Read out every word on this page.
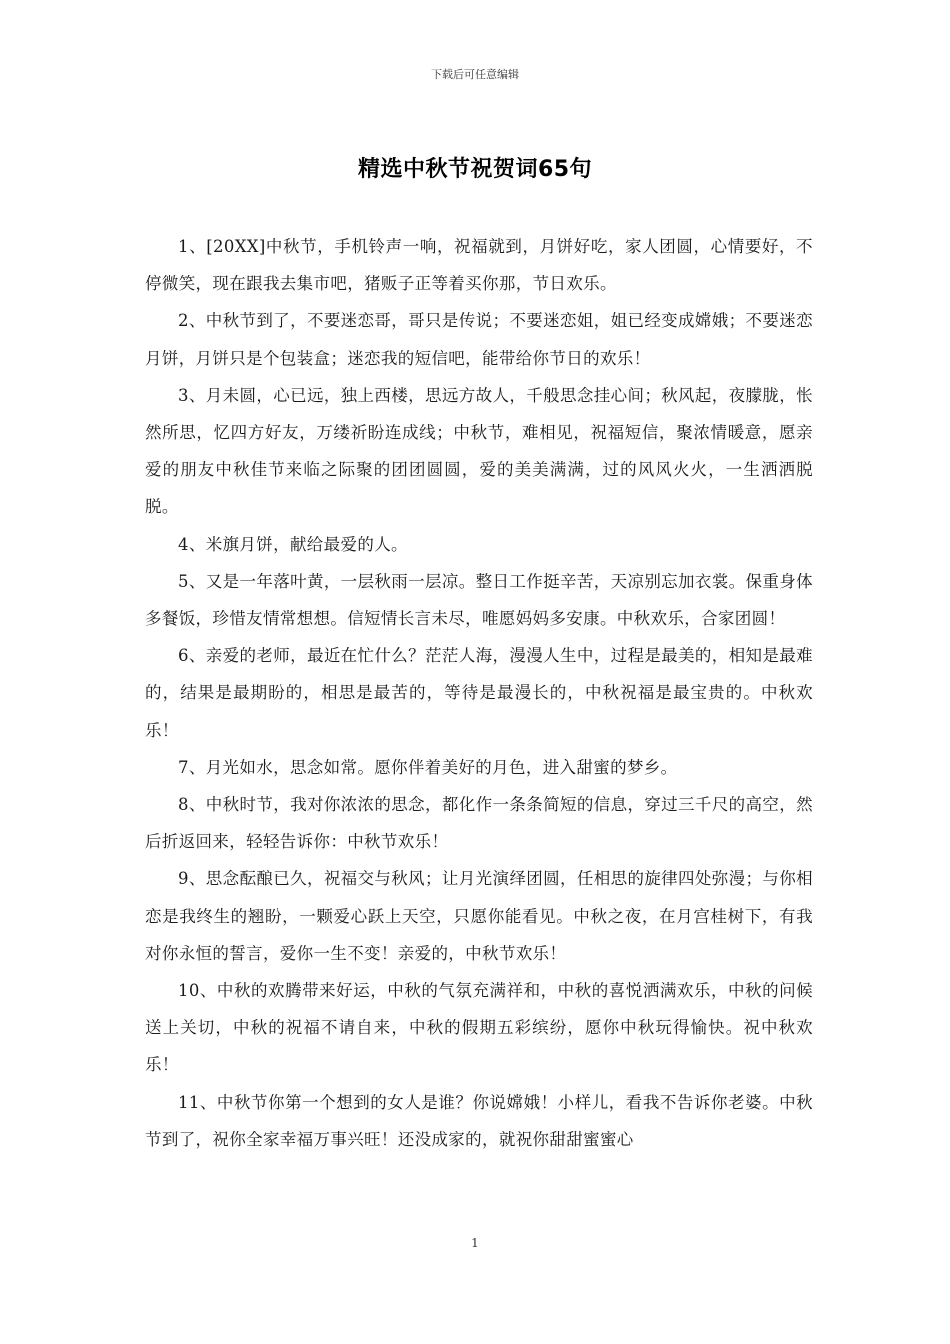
下载后可任意编辑
精选中秋节祝贺词65句

1、[20XX]中秋节，手机铃声一响，祝福就到，月饼好吃，家人团圆，心情要好，不停微笑，现在跟我去集市吧，猪贩子正等着买你那，节日欢乐。

2、中秋节到了，不要迷恋哥，哥只是传说；不要迷恋姐，姐已经变成嫦娥；不要迷恋月饼，月饼只是个包装盒；迷恋我的短信吧，能带给你节日的欢乐！

3、月未圆，心已远，独上西楼，思远方故人，千般思念挂心间；秋风起，夜朦胧，怅然所思，忆四方好友，万缕祈盼连成线；中秋节，难相见，祝福短信，聚浓情暖意，愿亲爱的朋友中秋佳节来临之际聚的团团圆圆，爱的美美满满，过的风风火火，一生洒洒脱脱。

4、米旗月饼，献给最爱的人。

5、又是一年落叶黄，一层秋雨一层凉。整日工作挺辛苦，天凉别忘加衣裳。保重身体多餐饭，珍惜友情常想想。信短情长言未尽，唯愿妈妈多安康。中秋欢乐，合家团圆！

6、亲爱的老师，最近在忙什么？茫茫人海，漫漫人生中，过程是最美的，相知是最难的，结果是最期盼的，相思是最苦的，等待是最漫长的，中秋祝福是最宝贵的。中秋欢乐！

7、月光如水，思念如常。愿你伴着美好的月色，进入甜蜜的梦乡。

8、中秋时节，我对你浓浓的思念，都化作一条条简短的信息，穿过三千尺的高空，然后折返回来，轻轻告诉你：中秋节欢乐！

9、思念酝酿已久，祝福交与秋风；让月光演绎团圆，任相思的旋律四处弥漫；与你相恋是我终生的翘盼，一颗爱心跃上天空，只愿你能看见。中秋之夜，在月宫桂树下，有我对你永恒的誓言，爱你一生不变！亲爱的，中秋节欢乐！

10、中秋的欢腾带来好运，中秋的气氛充满祥和，中秋的喜悦洒满欢乐，中秋的问候送上关切，中秋的祝福不请自来，中秋的假期五彩缤纷，愿你中秋玩得愉快。祝中秋欢乐！

11、中秋节你第一个想到的女人是谁？你说嫦娥！小样儿，看我不告诉你老婆。中秋节到了，祝你全家幸福万事兴旺！还没成家的，就祝你甜甜蜜蜜心

1
